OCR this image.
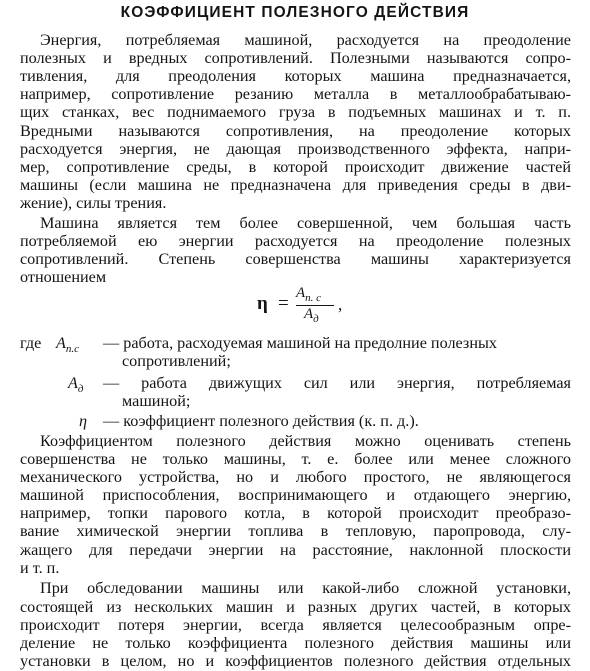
КОЭФФИЦИЕНТ ПОЛЕЗНОГО ДЕЙСТВИЯ
Энергия, потребляемая машиной, расходуется на преодоление
полезных и вредных сопротивлений. Полезными называются сопро-
тивления, для преодоления которых машина предназначается,
например, сопротивление резанию металла в металлообрабатываю-
щих станках, вес поднимаемого груза в подъемных машинах и т. п.
Вредными называются сопротивления, на преодоление которых
расходуется энергия, не дающая производственного эффекта, напри-
мер, сопротивление среды, в которой происходит движение частей
машины (если машина не предназначена для приведения среды в дви-
жение), силы трения.
Машина является тем более совершенной, чем большая часть
потребляемой ею энергии расходуется на преодоление полезных
сопротивлений. Степень совершенства машины характеризуется
отношением
$\eta = A_{п. с}$
$A_д$
,
где $A_{п.с}$ — работа, расходуемая машиной на предолние полезных
сопротивлений;
$A_д$ — работа движущих сил или энергия, потребляемая
машиной;
η — коэффициент полезного действия (к. п. д.).
Коэффициентом полезного действия можно оценивать степень
совершенства не только машины, т. е. более или менее сложного
механического устройства, но и любого простого, не являющегося
машиной приспособления, воспринимающего и отдающего энергию,
например, топки парового котла, в которой происходит преобразо-
вание химической энергии топлива в тепловую, паропровода, слу-
жащего для передачи энергии на расстояние, наклонной плоскости
и т. п.
При обследовании машины или какой-либо сложной установки,
состоящей из нескольких машин и разных других частей, в которых
происходит потеря энергии, всегда является целесообразным опре-
деление не только коэффициента полезного действия машины или
установки в целом, но и коэффициентов полезного действия отдельных
